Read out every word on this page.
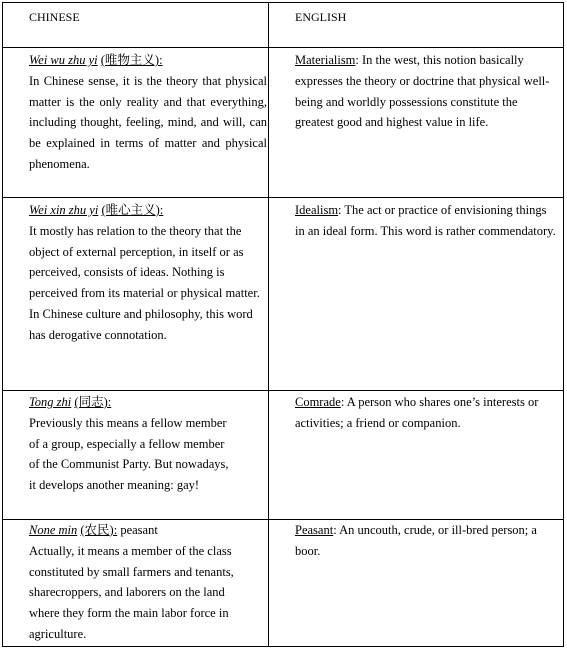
CHINESE	ENGLISH
Wei wu zhu yi (唯物主义):
In Chinese sense, it is the theory that physical matter is the only reality and that everything, including thought, feeling, mind, and will, can be explained in terms of matter and physical phenomena.
Materialism: In the west, this notion basically expresses the theory or doctrine that physical well-being and worldly possessions constitute the greatest good and highest value in life.
Wei xin zhu yi (唯心主义):
It mostly has relation to the theory that the object of external perception, in itself or as perceived, consists of ideas. Nothing is perceived from its material or physical matter. In Chinese culture and philosophy, this word has derogative connotation.
Idealism: The act or practice of envisioning things in an ideal form. This word is rather commendatory.
Tong zhi (同志):
Previously this means a fellow member of a group, especially a fellow member of the Communist Party. But nowadays, it develops another meaning: gay!
Comrade: A person who shares one’s interests or activities; a friend or companion.
None min (农民): peasant
Actually, it means a member of the class constituted by small farmers and tenants, sharecroppers, and laborers on the land where they form the main labor force in agriculture.
Peasant: An uncouth, crude, or ill-bred person; a boor.
